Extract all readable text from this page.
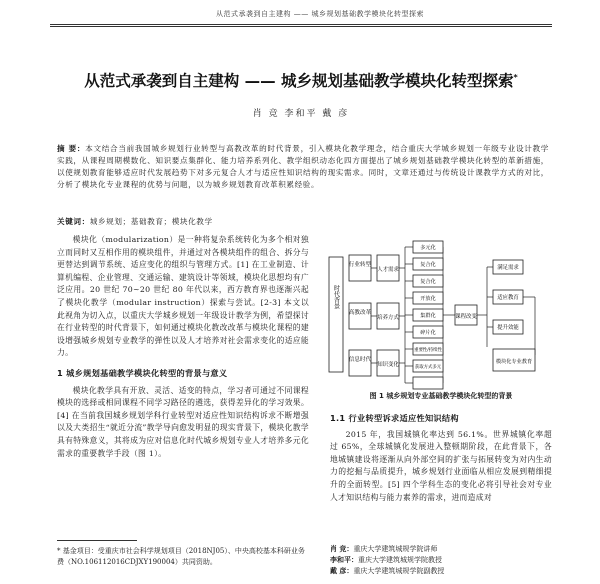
从范式承袭到自主建构 —— 城乡规划基础教学模块化转型探索
从范式承袭到自主建构 —— 城乡规划基础教学模块化转型探索*
肖 竞 李和平 戴 彦
摘 要：本文结合当前我国城乡规划行业转型与高教改革的时代背景，引入模块化教学理念，结合重庆大学城乡规划一年级专业设计教学实践，从课程周期模数化、知识要点集群化、能力培养系列化、教学组织动态化四方面提出了城乡规划基础教学模块化转型的革新措施，以使规划教育能够适应时代发展趋势下对多元复合人才与适应性知识结构的现实需求。同时，文章还通过与传统设计课教学方式的对比，分析了模块化专业课程的优势与问题，以为城乡规划教育改革积累经验。
关键词：城乡规划；基础教育；模块化教学

模块化（modularization）是一种将复杂系统转化为多个相对独立而同时又互相作用的模块组件，并通过对各模块组件的组合、拆分与更替达到调节系统、适应变化的组织与管理方式。[1] 在工业制造、计算机编程、企业管理、交通运输、建筑设计等领域，模块化思想均有广泛应用。20 世纪 70~20 世纪 80 年代以来，西方教育界也逐渐兴起了模块化教学（modular instruction）探索与尝试。[2-3] 本文以此视角为切入点，以重庆大学城乡规划一年级设计教学为例，希望探讨在行业转型的时代背景下，如何通过模块化教改改革与模块化课程的建设增强城乡规划专业教学的弹性以及人才培养对社会需求变化的适应能力。

1 城乡规划基础教学模块化转型的背景与意义

模块化教学具有开放、灵活、适变的特点，学习者可通过不同课程模块的选择或相同课程不同学习路径的遴选，获得差异化的学习效果。[4] 在当前我国城乡规划学科行业转型对适应性知识结构诉求不断增强以及大类招生“就近分流”教学导向愈发明显的现实背景下，模块化教学具有特殊意义，其将成为应对信息化时代城乡规划专业人才培养多元化需求的重要教学手段（图 1）。

时代背景
行业转型
高教改革
信息时代
人才需求
培养方式
知识变化
多元化
复合化
复合化
开放化
集群化
碎片化
重要性/持续性
获取方式多元
课程改变
满足需求
适应教育
提升效能
模块化专业教育
图 1 城乡规划专业基础教学模块化转型的背景
1.1 行业转型诉求适应性知识结构

2015 年，我国城镇化率达到 56.1%。世界城镇化率超过 65%，全球城镇化发展进入整顿期阶段，在此背景下，各地城镇建设将逐渐从向外部空间的扩张与拓展转变为对内生动力的挖掘与品质提升，城乡规划行业面临从相应发展到精细提升的全面转型。[5] 四个学科生态的变化必将引导社会对专业人才知识结构与能力素养的需求，进而造成对

* 基金项目：受重庆市社会科学规划项目（2018NJ05）、中央高校基本科研业务费（NO.106112016CDJXY190004）共同资助。
肖 竞：重庆大学建筑城规学院讲师
李和平：重庆大学建筑城规学院教授
戴 彦：重庆大学建筑城规学院副教授
